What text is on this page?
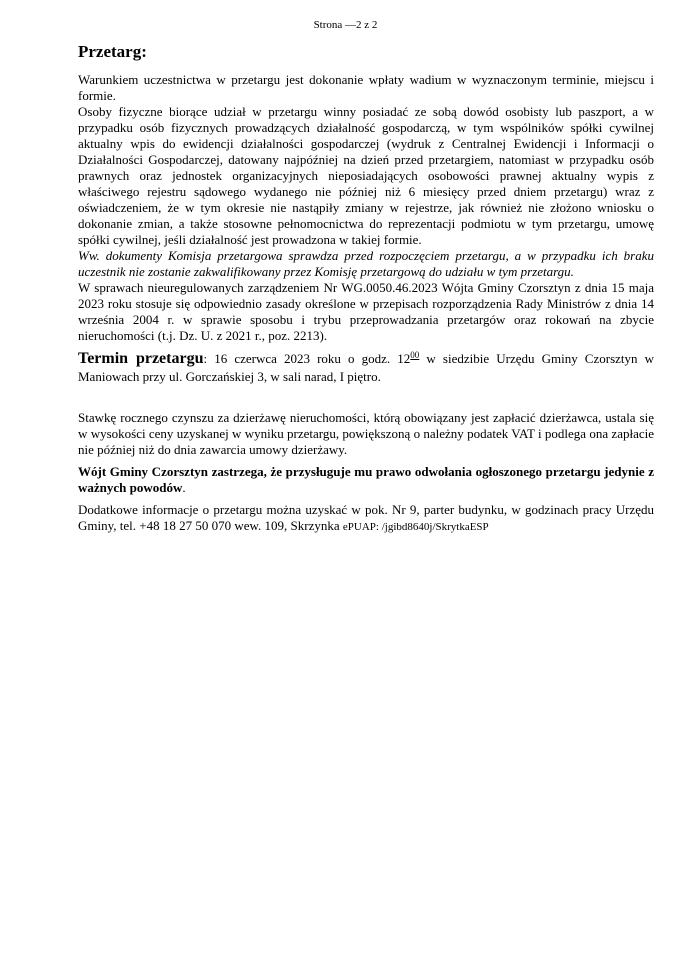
Strona —2 z 2
Przetarg:

Warunkiem uczestnictwa w przetargu jest dokonanie wpłaty wadium w wyznaczonym terminie, miejscu i formie.

Osoby fizyczne biorące udział w przetargu winny posiadać ze sobą dowód osobisty lub paszport, a w przypadku osób fizycznych prowadzących działalność gospodarczą, w tym wspólników spółki cywilnej aktualny wpis do ewidencji działalności gospodarczej (wydruk z Centralnej Ewidencji i Informacji o Działalności Gospodarczej, datowany najpóźniej na dzień przed przetargiem, natomiast w przypadku osób prawnych oraz jednostek organizacyjnych nieposiadających osobowości prawnej aktualny wypis z właściwego rejestru sądowego wydanego nie później niż 6 miesięcy przed dniem przetargu) wraz z oświadczeniem, że w tym okresie nie nastąpiły zmiany w rejestrze, jak również nie złożono wniosku o dokonanie zmian, a także stosowne pełnomocnictwa do reprezentacji podmiotu w tym przetargu, umowę spółki cywilnej, jeśli działalność jest prowadzona w takiej formie.

Ww. dokumenty Komisja przetargowa sprawdza przed rozpoczęciem przetargu, a w przypadku ich braku uczestnik nie zostanie zakwalifikowany przez Komisję przetargową do udziału w tym przetargu.

W sprawach nieuregulowanych zarządzeniem Nr WG.0050.46.2023 Wójta Gminy Czorsztyn z dnia 15 maja 2023 roku stosuje się odpowiednio zasady określone w przepisach rozporządzenia Rady Ministrów z dnia 14 września 2004 r. w sprawie sposobu i trybu przeprowadzania przetargów oraz rokowań na zbycie nieruchomości (t.j. Dz. U. z 2021 r., poz. 2213).

Termin przetargu: 16 czerwca 2023 roku o godz. $12^{00}$ w siedzibie Urzędu Gminy Czorsztyn w Maniowach przy ul. Gorczańskiej 3, w sali narad, I piętro.

Stawkę rocznego czynszu za dzierżawę nieruchomości, którą obowiązany jest zapłacić dzierżawca, ustala się w wysokości ceny uzyskanej w wyniku przetargu, powiększoną o należny podatek VAT i podlega ona zapłacie nie później niż do dnia zawarcia umowy dzierżawy.

Wójt Gminy Czorsztyn zastrzega, że przysługuje mu prawo odwołania ogłoszonego przetargu jedynie z ważnych powodów.

Dodatkowe informacje o przetargu można uzyskać w pok. Nr 9, parter budynku, w godzinach pracy Urzędu Gminy, tel. +48 18 27 50 070 wew. 109, Skrzynka ePUAP: /jgibd8640j/SkrytkaESP
